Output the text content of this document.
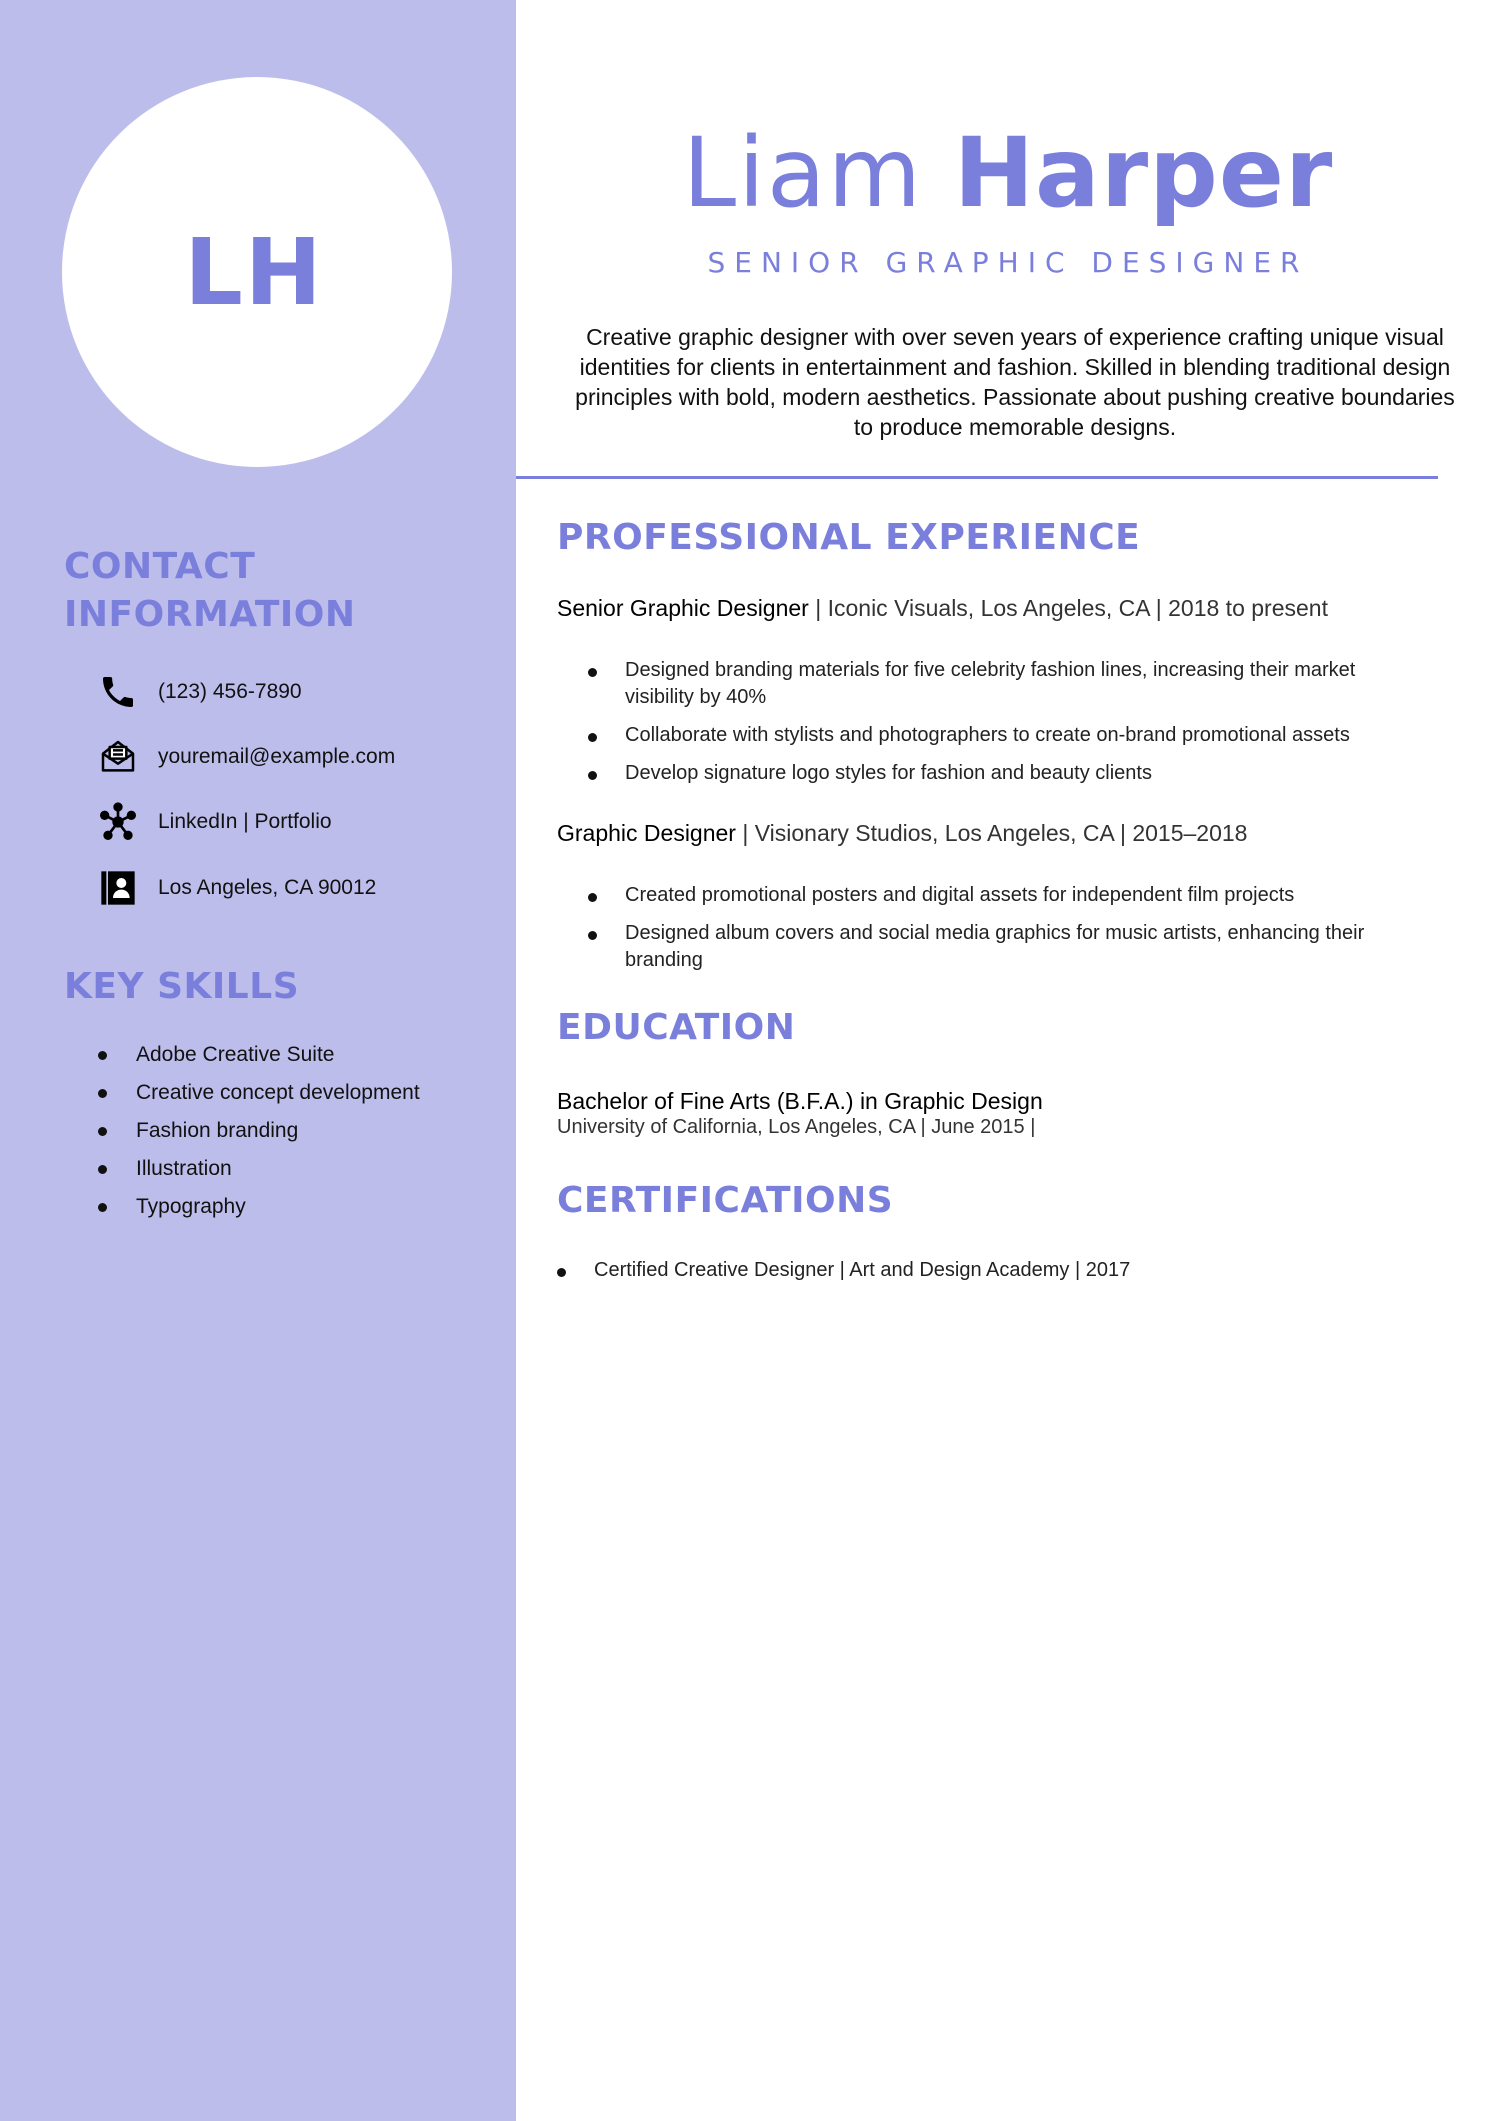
LH
CONTACT
INFORMATION
(123) 456-7890
youremail@example.com
LinkedIn | Portfolio
Los Angeles, CA 90012
KEY SKILLS
Adobe Creative Suite
Creative concept development
Fashion branding
Illustration
Typography
Liam Harper
SENIOR GRAPHIC DESIGNER
Creative graphic designer with over seven years of experience crafting unique visual identities for clients in entertainment and fashion. Skilled in blending traditional design principles with bold, modern aesthetics. Passionate about pushing creative boundaries to produce memorable designs.
PROFESSIONAL EXPERIENCE
Senior Graphic Designer | Iconic Visuals, Los Angeles, CA | 2018 to present
Designed branding materials for five celebrity fashion lines, increasing their market visibility by 40%
Collaborate with stylists and photographers to create on-brand promotional assets
Develop signature logo styles for fashion and beauty clients
Graphic Designer | Visionary Studios, Los Angeles, CA | 2015–2018
Created promotional posters and digital assets for independent film projects
Designed album covers and social media graphics for music artists, enhancing their branding
EDUCATION
Bachelor of Fine Arts (B.F.A.) in Graphic Design
University of California, Los Angeles, CA | June 2015 |
CERTIFICATIONS
Certified Creative Designer | Art and Design Academy | 2017
